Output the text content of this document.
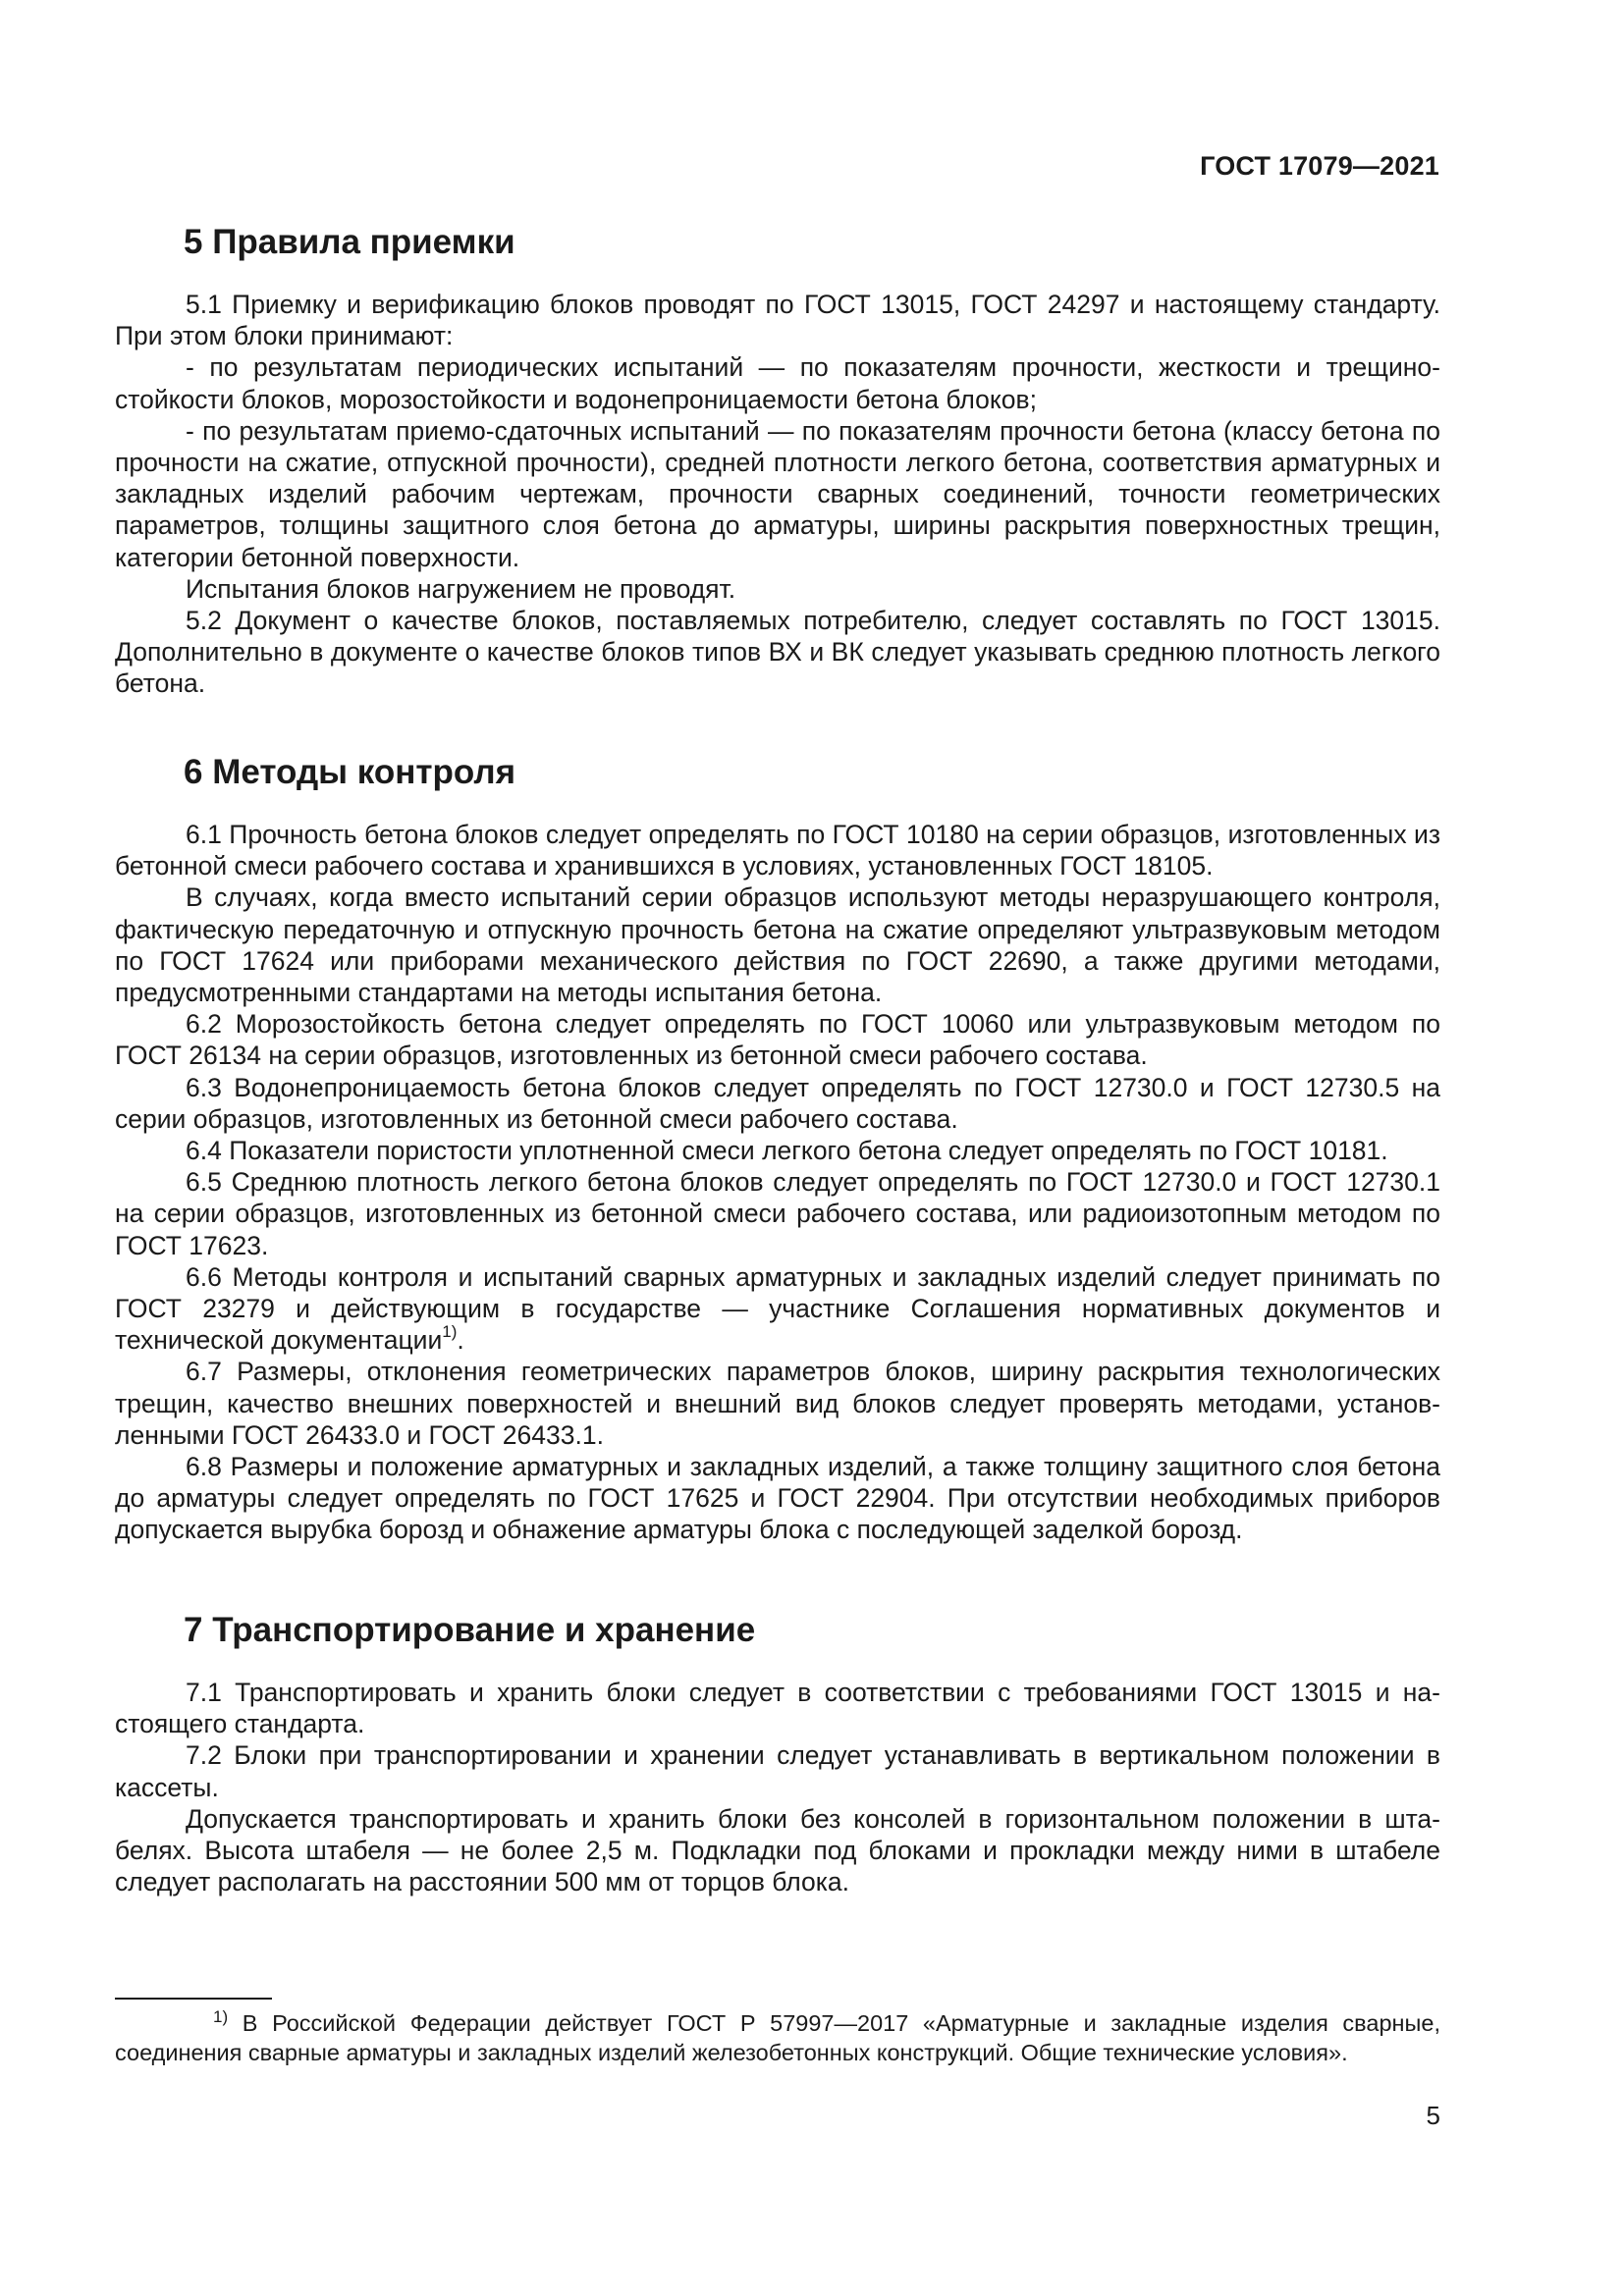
ГОСТ 17079—2021
5 Правила приемки

5.1 Приемку и верификацию блоков проводят по ГОСТ 13015, ГОСТ 24297 и настоящему стандарту. При этом блоки принимают:

- по результатам периодических испытаний — по показателям прочности, жесткости и трещиностойкости блоков, морозостойкости и водонепроницаемости бетона блоков;

- по результатам приемо-сдаточных испытаний — по показателям прочности бетона (классу бетона по прочности на сжатие, отпускной прочности), средней плотности легкого бетона, соответствия арматурных и закладных изделий рабочим чертежам, прочности сварных соединений, точности геометрических параметров, толщины защитного слоя бетона до арматуры, ширины раскрытия поверхностных трещин, категории бетонной поверхности.

Испытания блоков нагружением не проводят.

5.2 Документ о качестве блоков, поставляемых потребителю, следует составлять по ГОСТ 13015. Дополнительно в документе о качестве блоков типов ВХ и ВК следует указывать среднюю плотность легкого бетона.

6 Методы контроля

6.1 Прочность бетона блоков следует определять по ГОСТ 10180 на серии образцов, изготовленных из бетонной смеси рабочего состава и хранившихся в условиях, установленных ГОСТ 18105.

В случаях, когда вместо испытаний серии образцов используют методы неразрушающего контроля, фактическую передаточную и отпускную прочность бетона на сжатие определяют ультразвуковым методом по ГОСТ 17624 или приборами механического действия по ГОСТ 22690, а также другими методами, предусмотренными стандартами на методы испытания бетона.

6.2 Морозостойкость бетона следует определять по ГОСТ 10060 или ультразвуковым методом по ГОСТ 26134 на серии образцов, изготовленных из бетонной смеси рабочего состава.

6.3 Водонепроницаемость бетона блоков следует определять по ГОСТ 12730.0 и ГОСТ 12730.5 на серии образцов, изготовленных из бетонной смеси рабочего состава.

6.4 Показатели пористости уплотненной смеси легкого бетона следует определять по ГОСТ 10181.

6.5 Среднюю плотность легкого бетона блоков следует определять по ГОСТ 12730.0 и ГОСТ 12730.1 на серии образцов, изготовленных из бетонной смеси рабочего состава, или радиоизотопным методом по ГОСТ 17623.

6.6 Методы контроля и испытаний сварных арматурных и закладных изделий следует принимать по ГОСТ 23279 и действующим в государстве — участнике Соглашения нормативных документов и технической документации$^{1)}$.

6.7 Размеры, отклонения геометрических параметров блоков, ширину раскрытия технологических трещин, качество внешних поверхностей и внешний вид блоков следует проверять методами, установленными ГОСТ 26433.0 и ГОСТ 26433.1.

6.8 Размеры и положение арматурных и закладных изделий, а также толщину защитного слоя бетона до арматуры следует определять по ГОСТ 17625 и ГОСТ 22904. При отсутствии необходимых приборов допускается вырубка борозд и обнажение арматуры блока с последующей заделкой борозд.

7 Транспортирование и хранение

7.1 Транспортировать и хранить блоки следует в соответствии с требованиями ГОСТ 13015 и настоящего стандарта.

7.2 Блоки при транспортировании и хранении следует устанавливать в вертикальном положении в кассеты.

Допускается транспортировать и хранить блоки без консолей в горизонтальном положении в штабелях. Высота штабеля — не более 2,5 м. Подкладки под блоками и прокладки между ними в штабеле следует располагать на расстоянии 500 мм от торцов блока.

$^{1)}$ В Российской Федерации действует ГОСТ Р 57997—2017 «Арматурные и закладные изделия сварные, соединения сварные арматуры и закладных изделий железобетонных конструкций. Общие технические условия».

5
